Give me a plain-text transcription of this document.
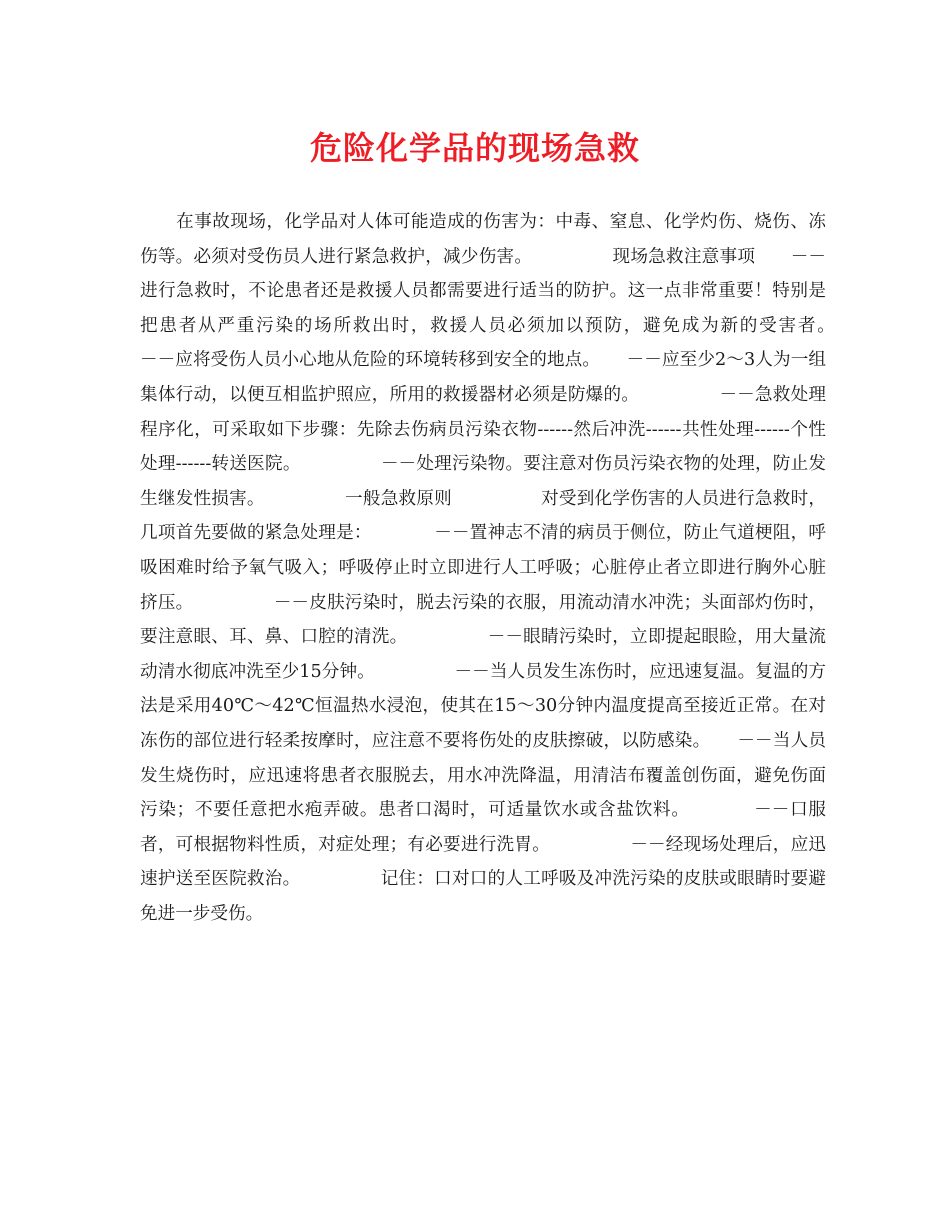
危险化学品的现场急救

　　在事故现场，化学品对人体可能造成的伤害为：中毒、窒息、化学灼伤、烧伤、冻伤等。必须对受伤员人进行紧急救护，减少伤害。　　　　　现场急救注意事项　　－－进行急救时，不论患者还是救援人员都需要进行适当的防护。这一点非常重要！特别是把患者从严重污染的场所救出时，救援人员必须加以预防，避免成为新的受害者。　　　　　－－应将受伤人员小心地从危险的环境转移到安全的地点。　　－－应至少2～3人为一组集体行动，以便互相监护照应，所用的救援器材必须是防爆的。　　　　　－－急救处理程序化，可采取如下步骤：先除去伤病员污染衣物------然后冲洗------共性处理------个性处理------转送医院。　　　　　－－处理污染物。要注意对伤员污染衣物的处理，防止发生继发性损害。　　　　　一般急救原则　　　　　对受到化学伤害的人员进行急救时，几项首先要做的紧急处理是：　　　　－－置神志不清的病员于侧位，防止气道梗阻，呼吸困难时给予氧气吸入；呼吸停止时立即进行人工呼吸；心脏停止者立即进行胸外心脏挤压。　　　　　－－皮肤污染时，脱去污染的衣服，用流动清水冲洗；头面部灼伤时，要注意眼、耳、鼻、口腔的清洗。　　　　　－－眼睛污染时，立即提起眼睑，用大量流动清水彻底冲洗至少15分钟。　　　　　－－当人员发生冻伤时，应迅速复温。复温的方法是采用40℃～42℃恒温热水浸泡，使其在15～30分钟内温度提高至接近正常。在对冻伤的部位进行轻柔按摩时，应注意不要将伤处的皮肤擦破，以防感染。　　－－当人员发生烧伤时，应迅速将患者衣服脱去，用水冲洗降温，用清洁布覆盖创伤面，避免伤面污染；不要任意把水疱弄破。患者口渴时，可适量饮水或含盐饮料。　　　　－－口服者，可根据物料性质，对症处理；有必要进行洗胃。　　　　　－－经现场处理后，应迅速护送至医院救治。　　　　　记住：口对口的人工呼吸及冲洗污染的皮肤或眼睛时要避免进一步受伤。
